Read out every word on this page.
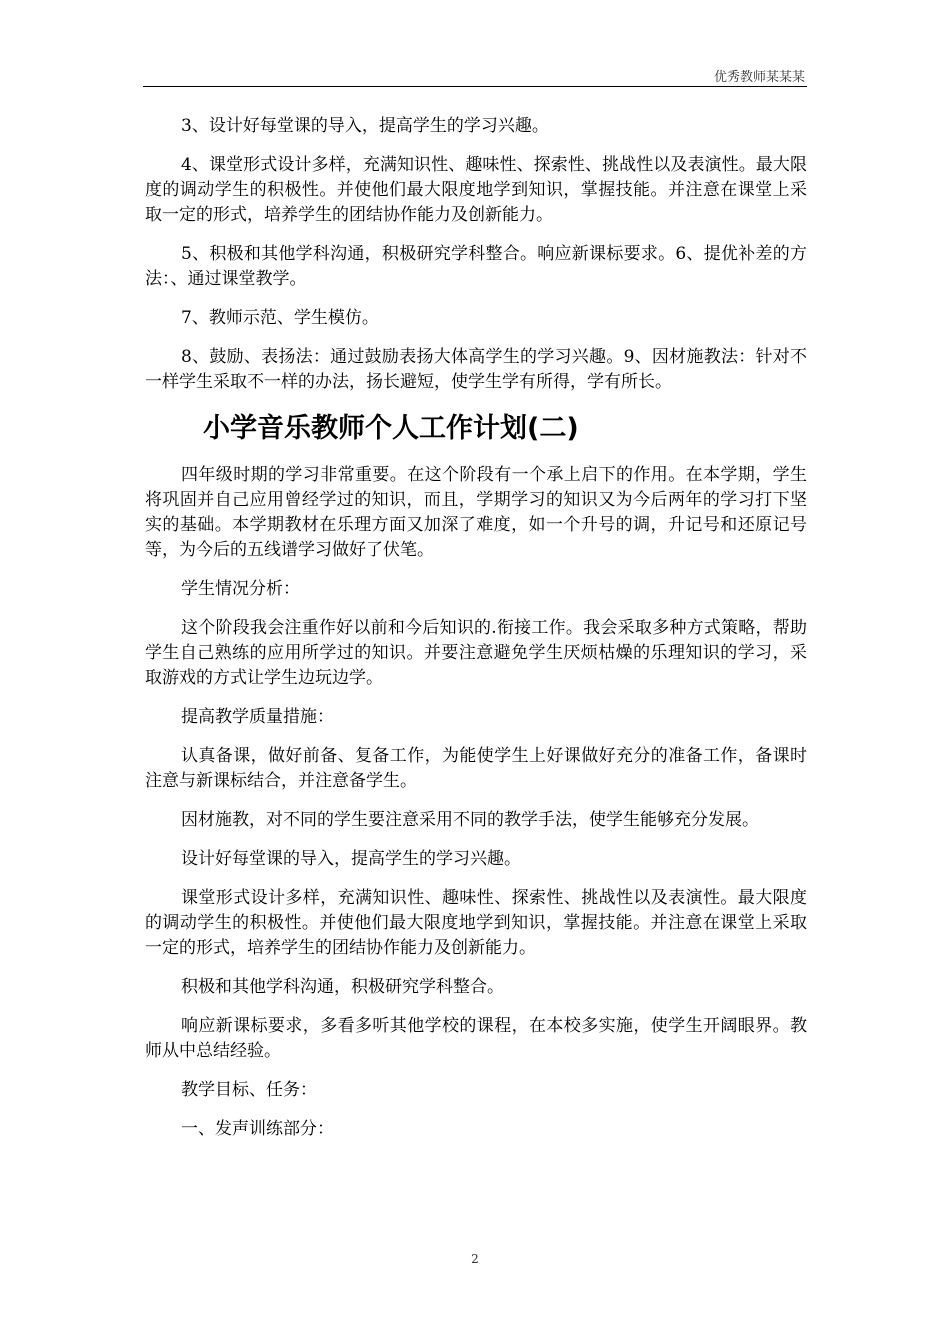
优秀教师某某某

3、设计好每堂课的导入，提高学生的学习兴趣。

4、课堂形式设计多样，充满知识性、趣味性、探索性、挑战性以及表演性。最大限度的调动学生的积极性。并使他们最大限度地学到知识，掌握技能。并注意在课堂上采取一定的形式，培养学生的团结协作能力及创新能力。

5、积极和其他学科沟通，积极研究学科整合。响应新课标要求。6、提优补差的方法：、通过课堂教学。

7、教师示范、学生模仿。

8、鼓励、表扬法：通过鼓励表扬大体高学生的学习兴趣。9、因材施教法：针对不一样学生采取不一样的办法，扬长避短，使学生学有所得，学有所长。

小学音乐教师个人工作计划(二)

四年级时期的学习非常重要。在这个阶段有一个承上启下的作用。在本学期，学生将巩固并自己应用曾经学过的知识，而且，学期学习的知识又为今后两年的学习打下坚实的基础。本学期教材在乐理方面又加深了难度，如一个升号的调，升记号和还原记号等，为今后的五线谱学习做好了伏笔。

学生情况分析：

这个阶段我会注重作好以前和今后知识的.衔接工作。我会采取多种方式策略，帮助学生自己熟练的应用所学过的知识。并要注意避免学生厌烦枯燥的乐理知识的学习，采取游戏的方式让学生边玩边学。

提高教学质量措施：

认真备课，做好前备、复备工作，为能使学生上好课做好充分的准备工作，备课时注意与新课标结合，并注意备学生。

因材施教，对不同的学生要注意采用不同的教学手法，使学生能够充分发展。

设计好每堂课的导入，提高学生的学习兴趣。

课堂形式设计多样，充满知识性、趣味性、探索性、挑战性以及表演性。最大限度的调动学生的积极性。并使他们最大限度地学到知识，掌握技能。并注意在课堂上采取一定的形式，培养学生的团结协作能力及创新能力。

积极和其他学科沟通，积极研究学科整合。

响应新课标要求，多看多听其他学校的课程，在本校多实施，使学生开阔眼界。教师从中总结经验。

教学目标、任务：

一、发声训练部分：

2
